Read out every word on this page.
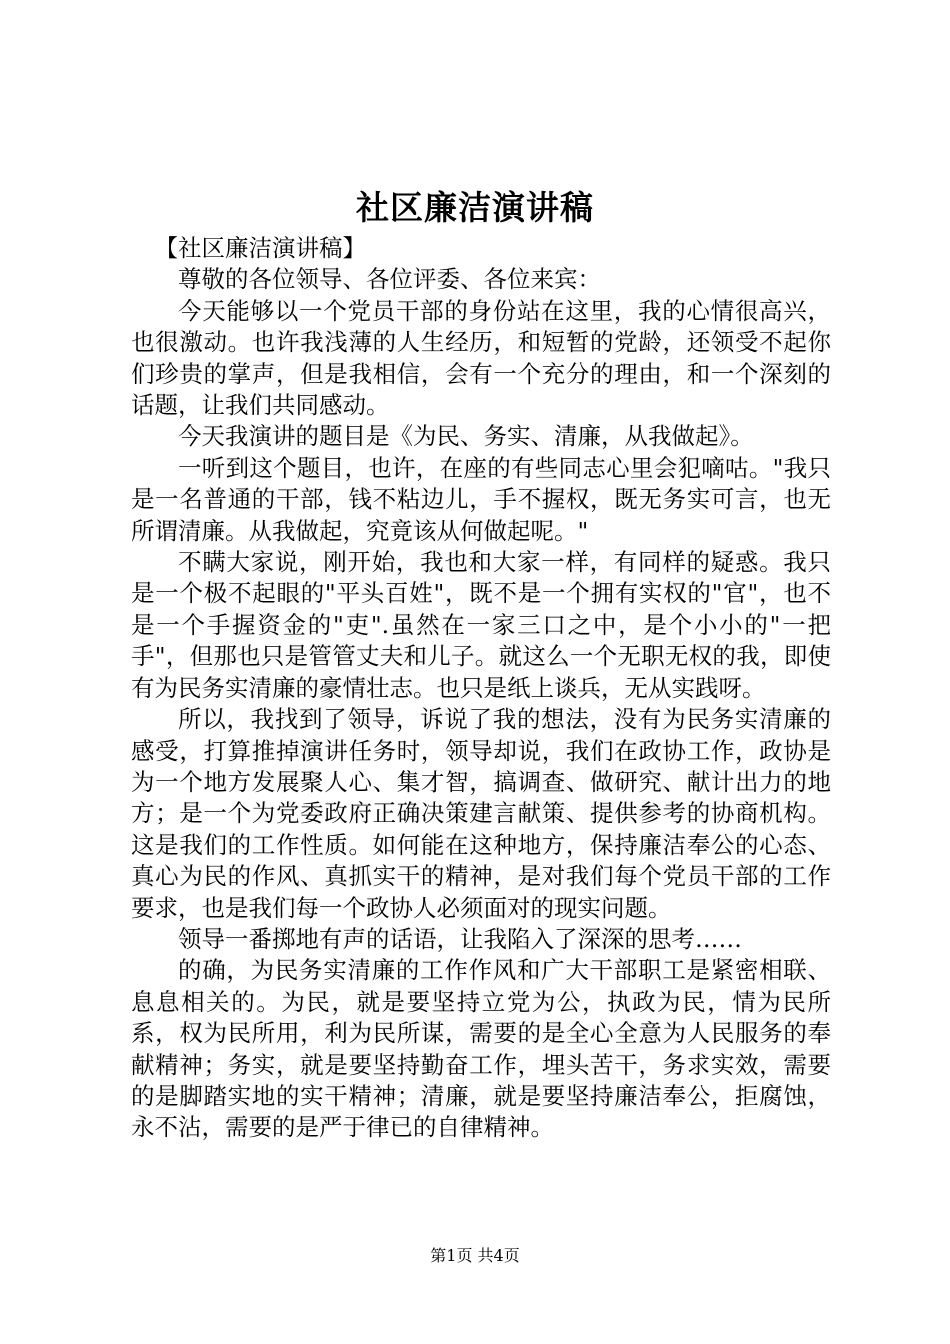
社区廉洁演讲稿

【社区廉洁演讲稿】

尊敬的各位领导、各位评委、各位来宾：

今天能够以一个党员干部的身份站在这里，我的心情很高兴，也很激动。也许我浅薄的人生经历，和短暂的党龄，还领受不起你们珍贵的掌声，但是我相信，会有一个充分的理由，和一个深刻的话题，让我们共同感动。

今天我演讲的题目是《为民、务实、清廉，从我做起》。

一听到这个题目，也许，在座的有些同志心里会犯嘀咕。"我只是一名普通的干部，钱不粘边儿，手不握权，既无务实可言，也无所谓清廉。从我做起，究竟该从何做起呢。"

不瞒大家说，刚开始，我也和大家一样，有同样的疑惑。我只是一个极不起眼的"平头百姓"，既不是一个拥有实权的"官"，也不是一个手握资金的"吏".虽然在一家三口之中，是个小小的"一把手"，但那也只是管管丈夫和儿子。就这么一个无职无权的我，即使有为民务实清廉的豪情壮志。也只是纸上谈兵，无从实践呀。

所以，我找到了领导，诉说了我的想法，没有为民务实清廉的感受，打算推掉演讲任务时，领导却说，我们在政协工作，政协是为一个地方发展聚人心、集才智，搞调查、做研究、献计出力的地方；是一个为党委政府正确决策建言献策、提供参考的协商机构。这是我们的工作性质。如何能在这种地方，保持廉洁奉公的心态、真心为民的作风、真抓实干的精神，是对我们每个党员干部的工作要求，也是我们每一个政协人必须面对的现实问题。

领导一番掷地有声的话语，让我陷入了深深的思考……

的确，为民务实清廉的工作作风和广大干部职工是紧密相联、息息相关的。为民，就是要坚持立党为公，执政为民，情为民所系，权为民所用，利为民所谋，需要的是全心全意为人民服务的奉献精神；务实，就是要坚持勤奋工作，埋头苦干，务求实效，需要的是脚踏实地的实干精神；清廉，就是要坚持廉洁奉公，拒腐蚀，永不沾，需要的是严于律已的自律精神。

第1页 共4页
